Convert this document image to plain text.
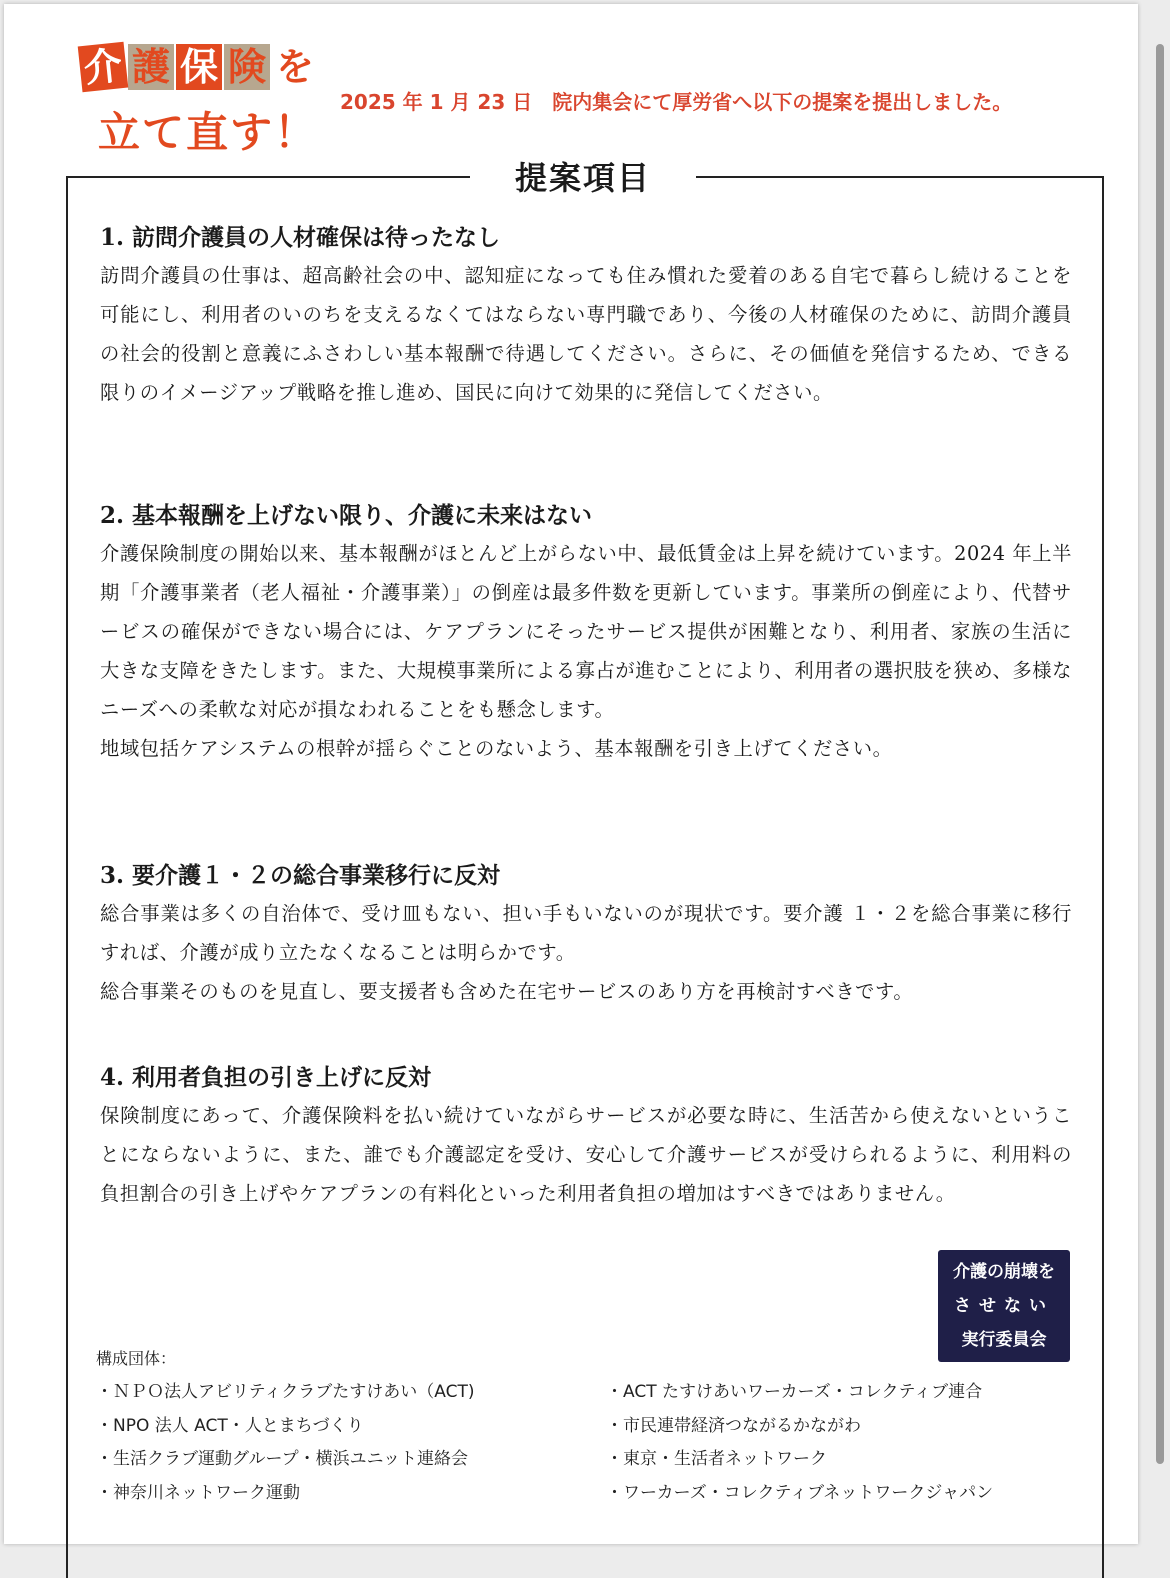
介 護 保 険 を
立て直す！
2025 年 1 月 23 日　院内集会にて厚労省へ以下の提案を提出しました。
提案項目
1. 訪問介護員の人材確保は待ったなし

訪問介護員の仕事は、超高齢社会の中、認知症になっても住み慣れた愛着のある自宅で暮らし続けることを可能にし、利用者のいのちを支えるなくてはならない専門職であり、今後の人材確保のために、訪問介護員の社会的役割と意義にふさわしい基本報酬で待遇してください。さらに、その価値を発信するため、できる限りのイメージアップ戦略を推し進め、国民に向けて効果的に発信してください。

2. 基本報酬を上げない限り、介護に未来はない

介護保険制度の開始以来、基本報酬がほとんど上がらない中、最低賃金は上昇を続けています。2024 年上半期「介護事業者（老人福祉・介護事業）」の倒産は最多件数を更新しています。事業所の倒産により、代替サービスの確保ができない場合には、ケアプランにそったサービス提供が困難となり、利用者、家族の生活に大きな支障をきたします。また、大規模事業所による寡占が進むことにより、利用者の選択肢を狭め、多様なニーズへの柔軟な対応が損なわれることをも懸念します。

地域包括ケアシステムの根幹が揺らぐことのないよう、基本報酬を引き上げてください。

3. 要介護１・２の総合事業移行に反対

総合事業は多くの自治体で、受け皿もない、担い手もいないのが現状です。要介護 １・２を総合事業に移行すれば、介護が成り立たなくなることは明らかです。

総合事業そのものを見直し、要支援者も含めた在宅サービスのあり方を再検討すべきです。

4. 利用者負担の引き上げに反対

保険制度にあって、介護保険料を払い続けていながらサービスが必要な時に、生活苦から使えないということにならないように、また、誰でも介護認定を受け、安心して介護サービスが受けられるように、利用料の負担割合の引き上げやケアプランの有料化といった利用者負担の増加はすべきではありません。

介護の崩壊を
させない
実行委員会
構成団体：
・ＮＰＯ法人アビリティクラブたすけあい（ACT)
・NPO 法人 ACT・人とまちづくり
・生活クラブ運動グループ・横浜ユニット連絡会
・神奈川ネットワーク運動
・ACT たすけあいワーカーズ・コレクティブ連合
・市民連帯経済つながるかながわ
・東京・生活者ネットワーク
・ワーカーズ・コレクティブネットワークジャパン
